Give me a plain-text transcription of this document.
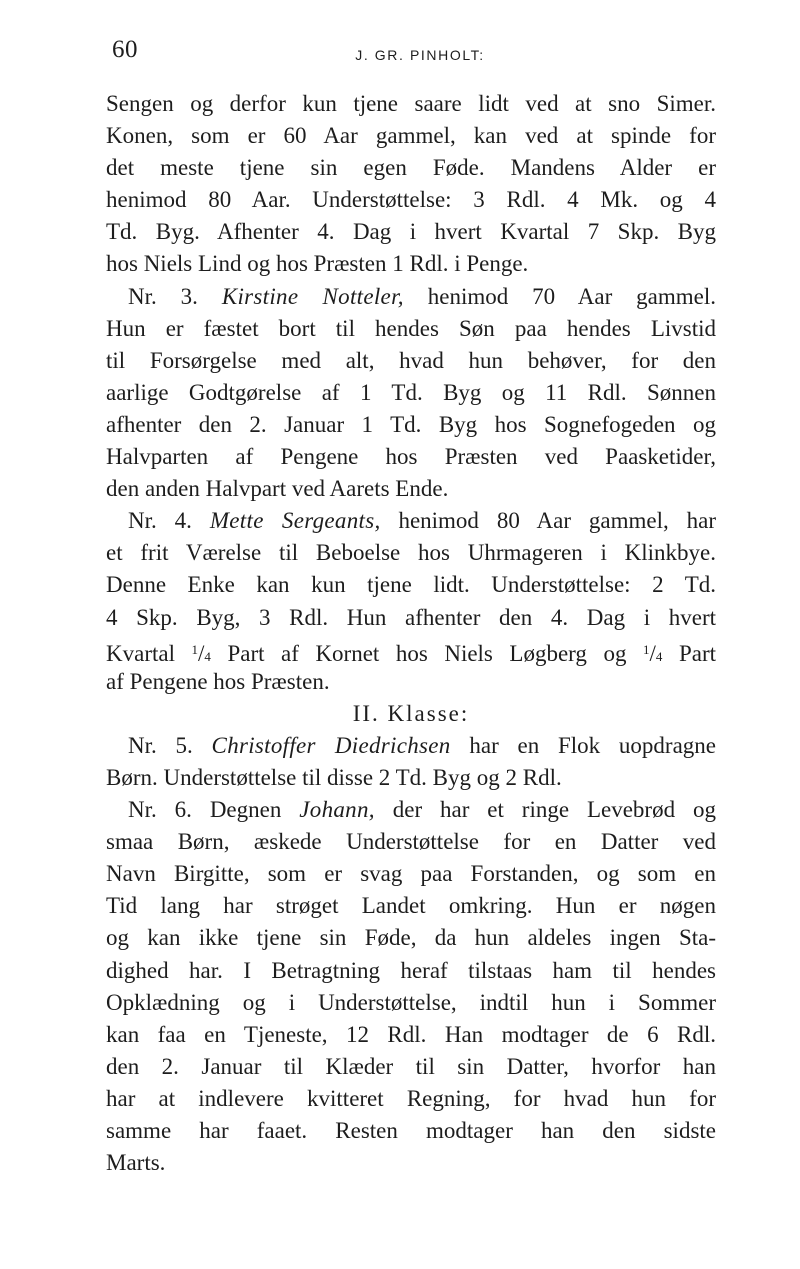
60	J. GR. PINHOLT:
Sengen og derfor kun tjene saare lidt ved at sno Simer.
Konen, som er 60 Aar gammel, kan ved at spinde for
det meste tjene sin egen Føde. Mandens Alder er
henimod 80 Aar. Understøttelse: 3 Rdl. 4 Mk. og 4
Td. Byg. Afhenter 4. Dag i hvert Kvartal 7 Skp. Byg
hos Niels Lind og hos Præsten 1 Rdl. i Penge.
Nr. 3. Kirstine Notteler, henimod 70 Aar gammel.
Hun er fæstet bort til hendes Søn paa hendes Livstid
til Forsørgelse med alt, hvad hun behøver, for den
aarlige Godtgørelse af 1 Td. Byg og 11 Rdl. Sønnen
afhenter den 2. Januar 1 Td. Byg hos Sognefogeden og
Halvparten af Pengene hos Præsten ved Paasketider,
den anden Halvpart ved Aarets Ende.
Nr. 4. Mette Sergeants, henimod 80 Aar gammel, har
et frit Værelse til Beboelse hos Uhrmageren i Klinkbye.
Denne Enke kan kun tjene lidt. Understøttelse: 2 Td.
4 Skp. Byg, 3 Rdl. Hun afhenter den 4. Dag i hvert
Kvartal $^1$/4 Part af Kornet hos Niels Løgberg og $^1$/4 Part
af Pengene hos Præsten.
II. Klasse:
Nr. 5. Christoffer Diedrichsen har en Flok uopdragne
Børn. Understøttelse til disse 2 Td. Byg og 2 Rdl.
Nr. 6. Degnen Johann, der har et ringe Levebrød og
smaa Børn, æskede Understøttelse for en Datter ved
Navn Birgitte, som er svag paa Forstanden, og som en
Tid lang har strøget Landet omkring. Hun er nøgen
og kan ikke tjene sin Føde, da hun aldeles ingen Sta-
dighed har. I Betragtning heraf tilstaas ham til hendes
Opklædning og i Understøttelse, indtil hun i Sommer
kan faa en Tjeneste, 12 Rdl. Han modtager de 6 Rdl.
den 2. Januar til Klæder til sin Datter, hvorfor han
har at indlevere kvitteret Regning, for hvad hun for
samme har faaet. Resten modtager han den sidste
Marts.
